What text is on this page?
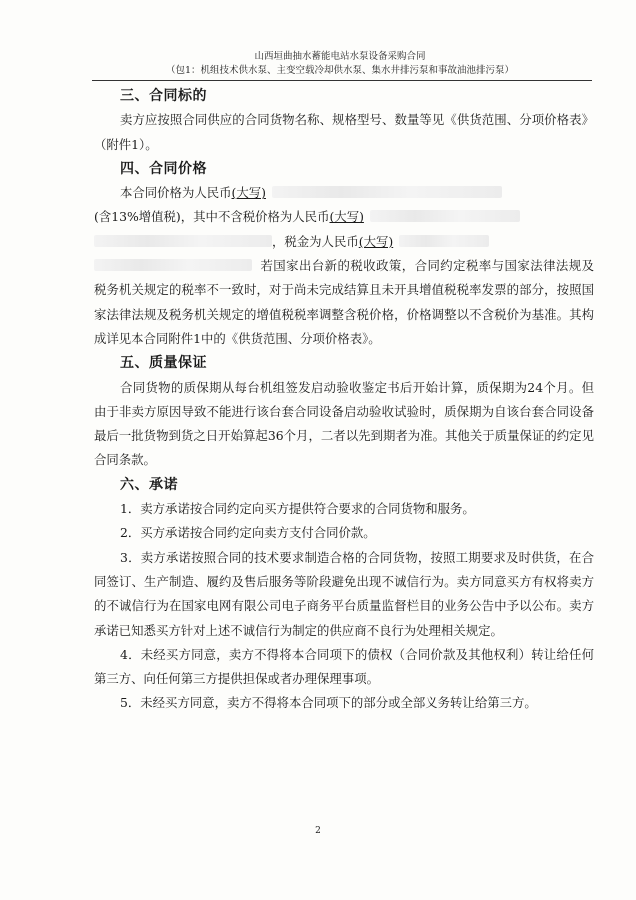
山西垣曲抽水蓄能电站水泵设备采购合同
（包1：机组技术供水泵、主变空载冷却供水泵、集水井排污泵和事故油池排污泵）
三、合同标的
卖方应按照合同供应的合同货物名称、规格型号、数量等见《供货范围、分项价格表》（附件1）。
四、合同价格
本合同价格为人民币(大写)
(含13%增值税)，其中不含税价格为人民币(大写)
，税金为人民币(大写)
若国家出台新的税收政策，合同约定税率与国家法律法规及税务机关规定的税率不一致时，对于尚未完成结算且未开具增值税税率发票的部分，按照国家法律法规及税务机关规定的增值税税率调整含税价格，价格调整以不含税价为基准。其构成详见本合同附件1中的《供货范围、分项价格表》。
五、质量保证
合同货物的质保期从每台机组签发启动验收鉴定书后开始计算，质保期为24个月。但由于非卖方原因导致不能进行该台套合同设备启动验收试验时，质保期为自该台套合同设备最后一批货物到货之日开始算起36个月，二者以先到期者为准。其他关于质量保证的约定见合同条款。
六、承诺
1．卖方承诺按合同约定向买方提供符合要求的合同货物和服务。
2．买方承诺按合同约定向卖方支付合同价款。
3．卖方承诺按照合同的技术要求制造合格的合同货物，按照工期要求及时供货，在合同签订、生产制造、履约及售后服务等阶段避免出现不诚信行为。卖方同意买方有权将卖方的不诚信行为在国家电网有限公司电子商务平台质量监督栏目的业务公告中予以公布。卖方承诺已知悉买方针对上述不诚信行为制定的供应商不良行为处理相关规定。
4．未经买方同意，卖方不得将本合同项下的债权（合同价款及其他权利）转让给任何第三方、向任何第三方提供担保或者办理保理事项。
5．未经买方同意，卖方不得将本合同项下的部分或全部义务转让给第三方。
2
